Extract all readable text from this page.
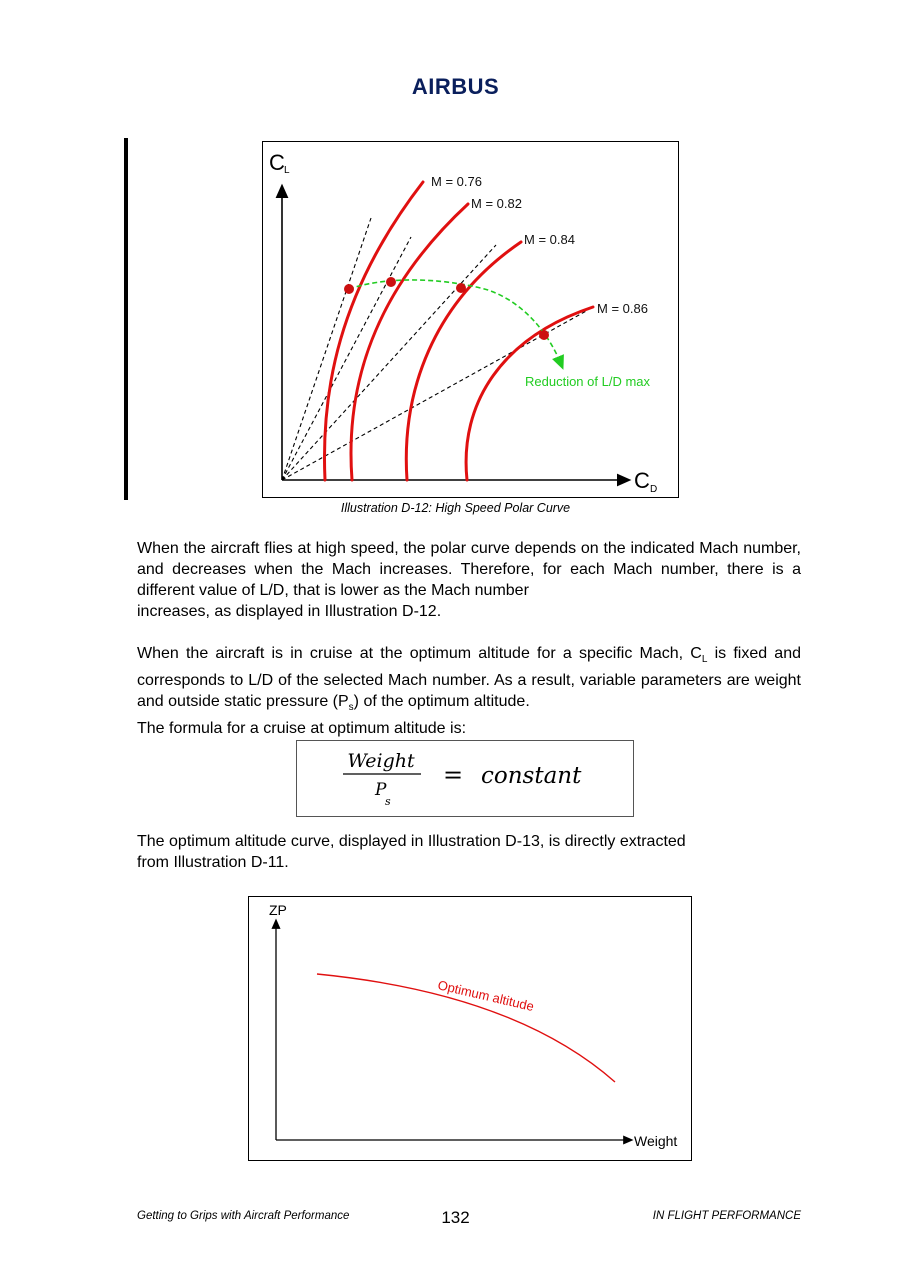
AIRBUS
C L
C D
M = 0.76
M = 0.82
M = 0.84
M = 0.86
Reduction of L/D max
Illustration D-12: High Speed Polar Curve
When the aircraft flies at high speed, the polar curve depends on the indicated Mach number, and decreases when the Mach increases. Therefore, for each Mach number, there is a different value of L/D, that is lower as the Mach number
increases, as displayed in Illustration D-12.
When the aircraft is in cruise at the optimum altitude for a specific Mach, $C_L$ is fixed and corresponds to L/D of the selected Mach number. As a result, variable parameters are weight and outside static pressure $(P_s)$ of the optimum altitude.
The formula for a cruise at optimum altitude is:
Weight
P
s
= constant
The optimum altitude curve, displayed in Illustration D-13, is directly extracted
from Illustration D-11.
ZP
Weight
Optimum altitude
Getting to Grips with Aircraft Performance	132	IN FLIGHT PERFORMANCE
